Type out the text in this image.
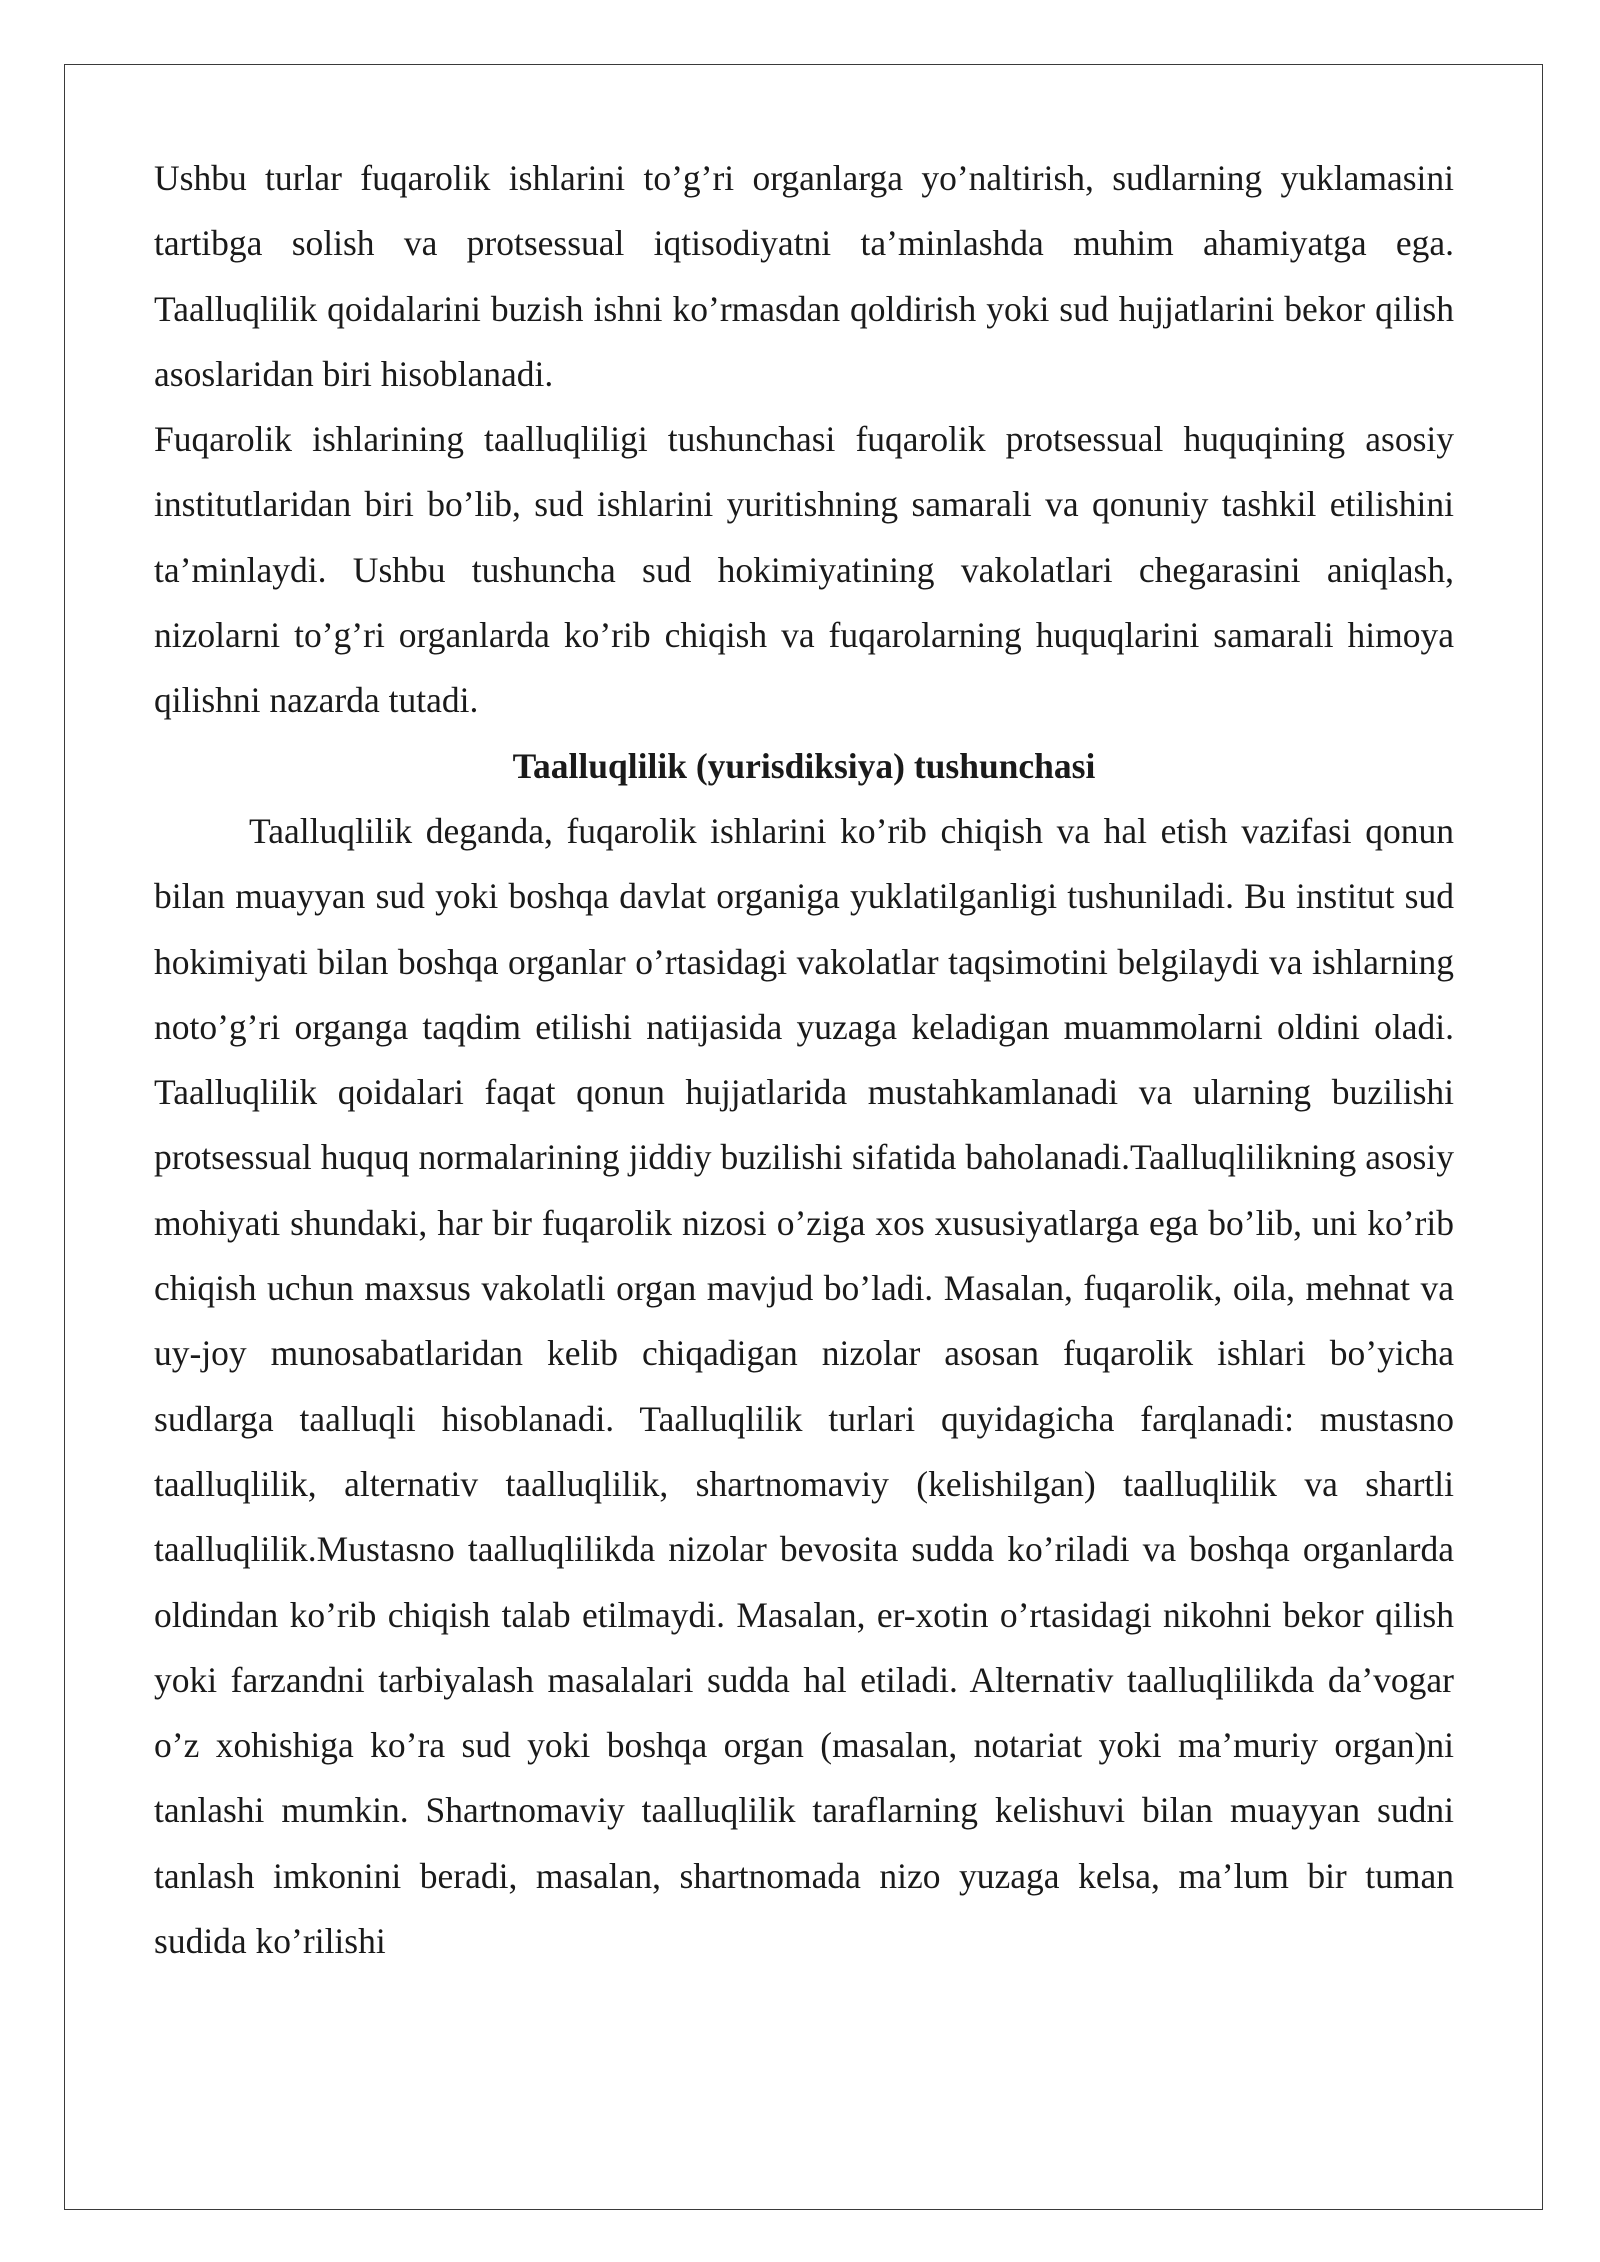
Ushbu turlar fuqarolik ishlarini to’g’ri organlarga yo’naltirish, sudlarning yuklamasini tartibga solish va protsessual iqtisodiyatni ta’minlashda muhim ahamiyatga ega. Taalluqlilik qoidalarini buzish ishni ko’rmasdan qoldirish yoki sud hujjatlarini bekor qilish asoslaridan biri hisoblanadi.

Fuqarolik ishlarining taalluqliligi tushunchasi fuqarolik protsessual huquqining asosiy institutlaridan biri bo’lib, sud ishlarini yuritishning samarali va qonuniy tashkil etilishini ta’minlaydi. Ushbu tushuncha sud hokimiyatining vakolatlari chegarasini aniqlash, nizolarni to’g’ri organlarda ko’rib chiqish va fuqarolarning huquqlarini samarali himoya qilishni nazarda tutadi.

Taalluqlilik (yurisdiksiya) tushunchasi

Taalluqlilik deganda, fuqarolik ishlarini ko’rib chiqish va hal etish vazifasi qonun bilan muayyan sud yoki boshqa davlat organiga yuklatilganligi tushuniladi. Bu institut sud hokimiyati bilan boshqa organlar o’rtasidagi vakolatlar taqsimotini belgilaydi va ishlarning noto’g’ri organga taqdim etilishi natijasida yuzaga keladigan muammolarni oldini oladi. Taalluqlilik qoidalari faqat qonun hujjatlarida mustahkamlanadi va ularning buzilishi protsessual huquq normalarining jiddiy buzilishi sifatida baholanadi.Taalluqlilikning asosiy mohiyati shundaki, har bir fuqarolik nizosi o’ziga xos xususiyatlarga ega bo’lib, uni ko’rib chiqish uchun maxsus vakolatli organ mavjud bo’ladi. Masalan, fuqarolik, oila, mehnat va uy-joy munosabatlaridan kelib chiqadigan nizolar asosan fuqarolik ishlari bo’yicha sudlarga taalluqli hisoblanadi. Taalluqlilik turlari quyidagicha farqlanadi: mustasno taalluqlilik, alternativ taalluqlilik, shartnomaviy (kelishilgan) taalluqlilik va shartli taalluqlilik.Mustasno taalluqlilikda nizolar bevosita sudda ko’riladi va boshqa organlarda oldindan ko’rib chiqish talab etilmaydi. Masalan, er-xotin o’rtasidagi nikohni bekor qilish yoki farzandni tarbiyalash masalalari sudda hal etiladi. Alternativ taalluqlilikda da’vogar o’z xohishiga ko’ra sud yoki boshqa organ (masalan, notariat yoki ma’muriy organ)ni tanlashi mumkin. Shartnomaviy taalluqlilik taraflarning kelishuvi bilan muayyan sudni tanlash imkonini beradi, masalan, shartnomada nizo yuzaga kelsa, ma’lum bir tuman sudida ko’rilishi
